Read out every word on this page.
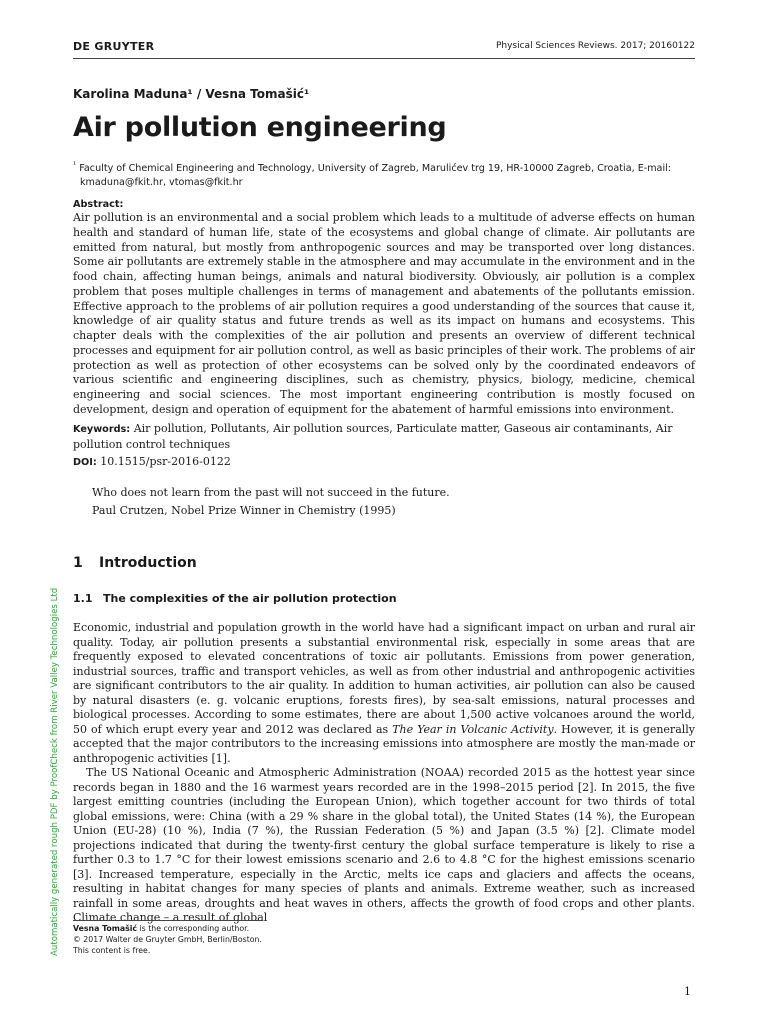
DE GRUYTER	Physical Sciences Reviews. 2017; 20160122
Karolina Maduna¹ / Vesna Tomašić¹
Air pollution engineering
$^{^1}$ Faculty of Chemical Engineering and Technology, University of Zagreb, Marulićev trg 19, HR-10000 Zagreb, Croatia, E-mail:
kmaduna@fkit.hr, vtomas@fkit.hr
Abstract:

Air pollution is an environmental and a social problem which leads to a multitude of adverse effects on human health and standard of human life, state of the ecosystems and global change of climate. Air pollutants are emitted from natural, but mostly from anthropogenic sources and may be transported over long distances. Some air pollutants are extremely stable in the atmosphere and may accumulate in the environment and in the food chain, affecting human beings, animals and natural biodiversity. Obviously, air pollution is a complex problem that poses multiple challenges in terms of management and abatements of the pollutants emission. Effective approach to the problems of air pollution requires a good understanding of the sources that cause it, knowledge of air quality status and future trends as well as its impact on humans and ecosystems. This chapter deals with the complexities of the air pollution and presents an overview of different technical processes and equipment for air pollution control, as well as basic principles of their work. The problems of air protection as well as protection of other ecosystems can be solved only by the coordinated endeavors of various scientific and engineering disciplines, such as chemistry, physics, biology, medicine, chemical engineering and social sciences. The most important engineering contribution is mostly focused on development, design and operation of equipment for the abatement of harmful emissions into environment.

Keywords: Air pollution, Pollutants, Air pollution sources, Particulate matter, Gaseous air contaminants, Air pollution control techniques
DOI: 10.1515/psr-2016-0122
Who does not learn from the past will not succeed in the future.
Paul Crutzen, Nobel Prize Winner in Chemistry (1995)
1 Introduction
1.1 The complexities of the air pollution protection

Economic, industrial and population growth in the world have had a significant impact on urban and rural air quality. Today, air pollution presents a substantial environmental risk, especially in some areas that are frequently exposed to elevated concentrations of toxic air pollutants. Emissions from power generation, industrial sources, traffic and transport vehicles, as well as from other industrial and anthropogenic activities are significant contributors to the air quality. In addition to human activities, air pollution can also be caused by natural disasters (e. g. volcanic eruptions, forests fires), by sea-salt emissions, natural processes and biological processes. According to some estimates, there are about 1,500 active volcanoes around the world, 50 of which erupt every year and 2012 was declared as The Year in Volcanic Activity. However, it is generally accepted that the major contributors to the increasing emissions into atmosphere are mostly the man-made or anthropogenic activities [1].

The US National Oceanic and Atmospheric Administration (NOAA) recorded 2015 as the hottest year since records began in 1880 and the 16 warmest years recorded are in the 1998–2015 period [2]. In 2015, the five largest emitting countries (including the European Union), which together account for two thirds of total global emissions, were: China (with a 29 % share in the global total), the United States (14 %), the European Union (EU-28) (10 %), India (7 %), the Russian Federation (5 %) and Japan (3.5 %) [2]. Climate model projections indicated that during the twenty-first century the global surface temperature is likely to rise a further 0.3 to 1.7 °C for their lowest emissions scenario and 2.6 to 4.8 °C for the highest emissions scenario [3]. Increased temperature, especially in the Arctic, melts ice caps and glaciers and affects the oceans, resulting in habitat changes for many species of plants and animals. Extreme weather, such as increased rainfall in some areas, droughts and heat waves in others, affects the growth of food crops and other plants. Climate change – a result of global

Vesna Tomašić is the corresponding author.
© 2017 Walter de Gruyter GmbH, Berlin/Boston.
This content is free.
Automatically generated rough PDF by ProofCheck from River Valley Technologies Ltd
1
